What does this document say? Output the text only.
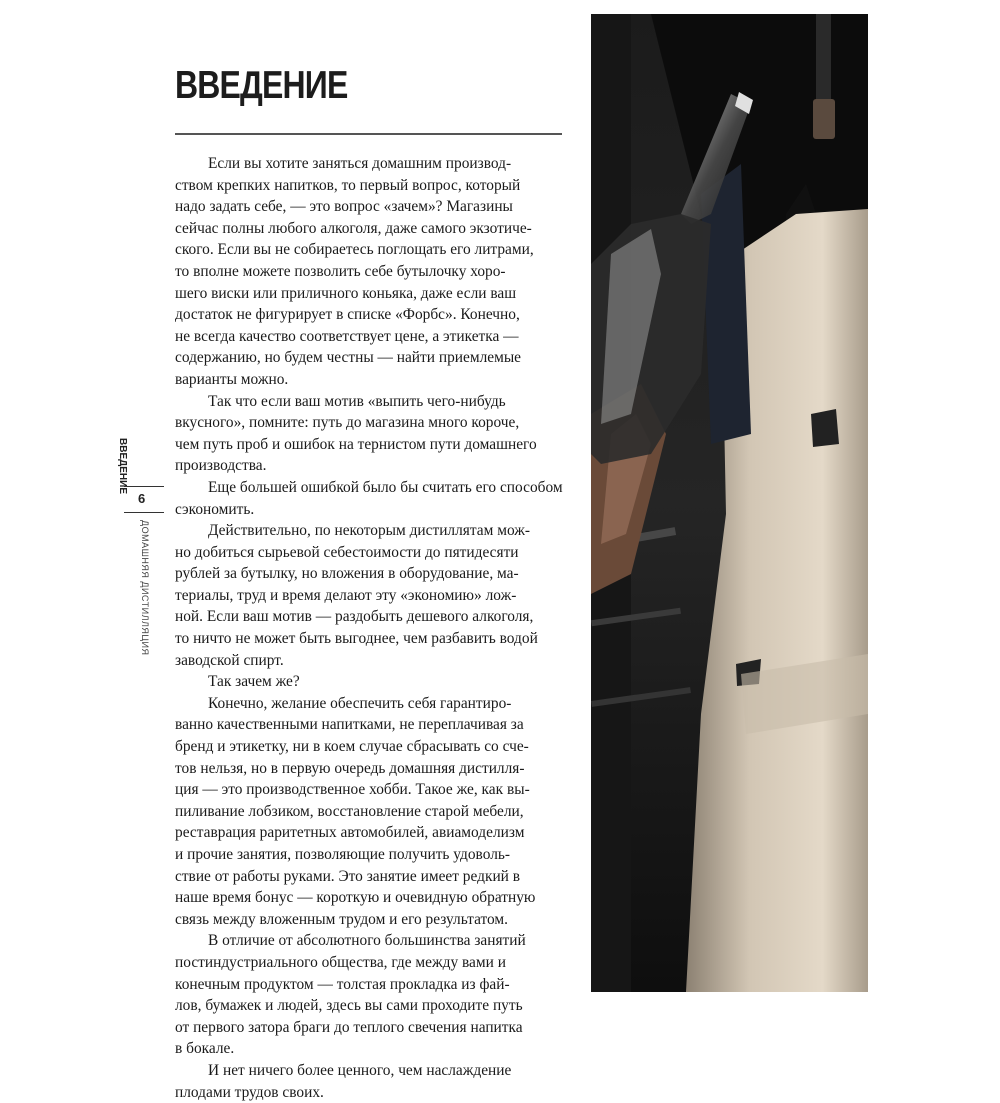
ВВЕДЕНИЕ
Если вы хотите заняться домашним производ-
ством крепких напитков, то первый вопрос, который
надо задать себе, — это вопрос «зачем»? Магазины
сейчас полны любого алкоголя, даже самого экзотиче-
ского. Если вы не собираетесь поглощать его литрами,
то вполне можете позволить себе бутылочку хоро-
шего виски или приличного коньяка, даже если ваш
достаток не фигурирует в списке «Форбс». Конечно,
не всегда качество соответствует цене, а этикетка —
содержанию, но будем честны — найти приемлемые
варианты можно.
Так что если ваш мотив «выпить чего-нибудь
вкусного», помните: путь до магазина много короче,
чем путь проб и ошибок на тернистом пути домашнего
производства.
Еще большей ошибкой было бы считать его способом
сэкономить.
Действительно, по некоторым дистиллятам мож-
но добиться сырьевой себестоимости до пятидесяти
рублей за бутылку, но вложения в оборудование, ма-
териалы, труд и время делают эту «экономию» лож-
ной. Если ваш мотив — раздобыть дешевого алкоголя,
то ничто не может быть выгоднее, чем разбавить водой
заводской спирт.
Так зачем же?
Конечно, желание обеспечить себя гарантиро-
ванно качественными напитками, не переплачивая за
бренд и этикетку, ни в коем случае сбрасывать со сче-
тов нельзя, но в первую очередь домашняя дистилля-
ция — это производственное хобби. Такое же, как вы-
пиливание лобзиком, восстановление старой мебели,
реставрация раритетных автомобилей, авиамоделизм
и прочие занятия, позволяющие получить удоволь-
ствие от работы руками. Это занятие имеет редкий в
наше время бонус — короткую и очевидную обратную
связь между вложенным трудом и его результатом.
В отличие от абсолютного большинства занятий
постиндустриального общества, где между вами и
конечным продуктом — толстая прокладка из фай-
лов, бумажек и людей, здесь вы сами проходите путь
от первого затора браги до теплого свечения напитка
в бокале.
И нет ничего более ценного, чем наслаждение
плодами трудов своих.
ВВЕДЕНИЕ
6
ДОМАШНЯЯ ДИСТИЛЛЯЦИЯ
